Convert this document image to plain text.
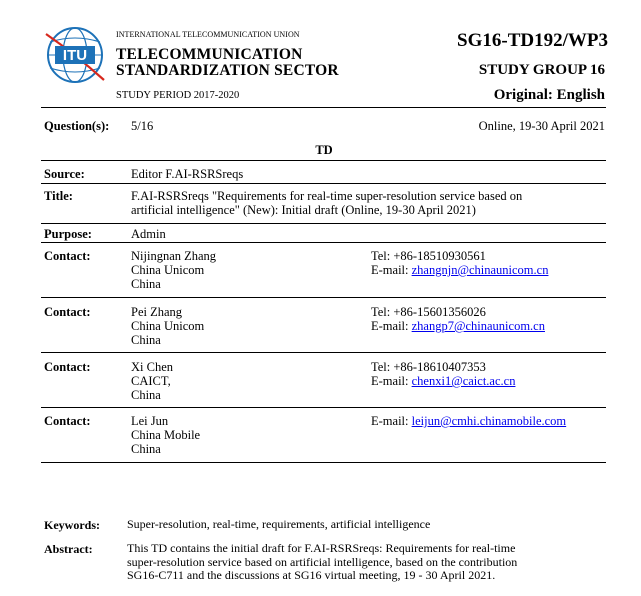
ITU
INTERNATIONAL TELECOMMUNICATION UNION
TELECOMMUNICATION
STANDARDIZATION SECTOR
STUDY PERIOD 2017-2020
SG16-TD192/WP3
STUDY GROUP 16
Original: English
Question(s): 5/16	Online, 19-30 April 2021
TD
Source:	Editor F.AI-RSRSreqs
Title:	F.AI-RSRSreqs "Requirements for real-time super-resolution service based on
artificial intelligence" (New): Initial draft (Online, 19-30 April 2021)
Purpose:	Admin
Contact:	Nijingnan Zhang
China Unicom
China
Tel: +86-18510930561
E-mail: zhangnjn@chinaunicom.cn
Contact:	Pei Zhang
China Unicom
China
Tel: +86-15601356026
E-mail: zhangp7@chinaunicom.cn
Contact:	Xi Chen
CAICT,
China
Tel: +86-18610407353
E-mail: chenxi1@caict.ac.cn
Contact:	Lei Jun
China Mobile
China
E-mail: leijun@cmhi.chinamobile.com
Keywords: Super-resolution, real-time, requirements, artificial intelligence
Abstract:	This TD contains the initial draft for F.AI-RSRSreqs: Requirements for real-time
super-resolution service based on artificial intelligence, based on the contribution
SG16-C711 and the discussions at SG16 virtual meeting, 19 - 30 April 2021.
